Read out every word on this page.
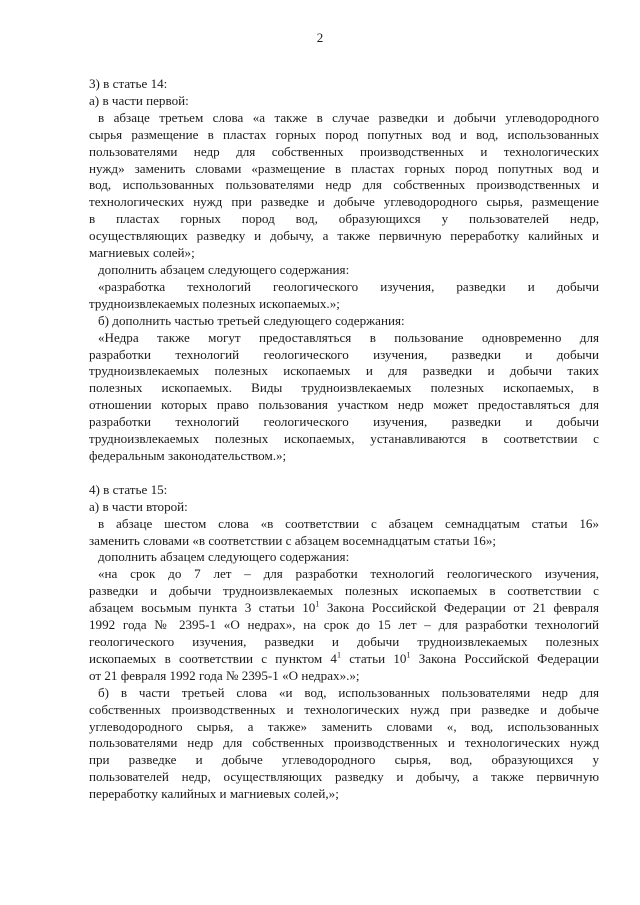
2
3) в статье 14:
а) в части первой:
в абзаце третьем слова «а также в случае разведки и добычи углеводородного
сырья размещение в пластах горных пород попутных вод и вод, использованных
пользователями недр для собственных производственных и технологических
нужд» заменить словами «размещение в пластах горных пород попутных вод и
вод, использованных пользователями недр для собственных производственных и
технологических нужд при разведке и добыче углеводородного сырья, размещение
в пластах горных пород вод, образующихся у пользователей недр,
осуществляющих разведку и добычу, а также первичную переработку калийных и
магниевых солей»;
дополнить абзацем следующего содержания:
«разработка технологий геологического изучения, разведки и добычи
трудноизвлекаемых полезных ископаемых.»;
б) дополнить частью третьей следующего содержания:
«Недра также могут предоставляться в пользование одновременно для
разработки технологий геологического изучения, разведки и добычи
трудноизвлекаемых полезных ископаемых и для разведки и добычи таких
полезных ископаемых. Виды трудноизвлекаемых полезных ископаемых, в
отношении которых право пользования участком недр может предоставляться для
разработки технологий геологического изучения, разведки и добычи
трудноизвлекаемых полезных ископаемых, устанавливаются в соответствии с
федеральным законодательством.»;
4) в статье 15:
а) в части второй:
в абзаце шестом слова «в соответствии с абзацем семнадцатым статьи 16»
заменить словами «в соответствии с абзацем восемнадцатым статьи 16»;
дополнить абзацем следующего содержания:
«на срок до 7 лет – для разработки технологий геологического изучения,
разведки и добычи трудноизвлекаемых полезных ископаемых в соответствии с
абзацем восьмым пункта 3 статьи $10^1$ Закона Российской Федерации от 21 февраля
1992 года № 2395-1 «О недрах», на срок до 15 лет – для разработки технологий
геологического изучения, разведки и добычи трудноизвлекаемых полезных
ископаемых в соответствии с пунктом $4^1$ статьи $10^1$ Закона Российской Федерации
от 21 февраля 1992 года № 2395-1 «О недрах».»;
б) в части третьей слова «и вод, использованных пользователями недр для
собственных производственных и технологических нужд при разведке и добыче
углеводородного сырья, а также» заменить словами «, вод, использованных
пользователями недр для собственных производственных и технологических нужд
при разведке и добыче углеводородного сырья, вод, образующихся у
пользователей недр, осуществляющих разведку и добычу, а также первичную
переработку калийных и магниевых солей,»;
